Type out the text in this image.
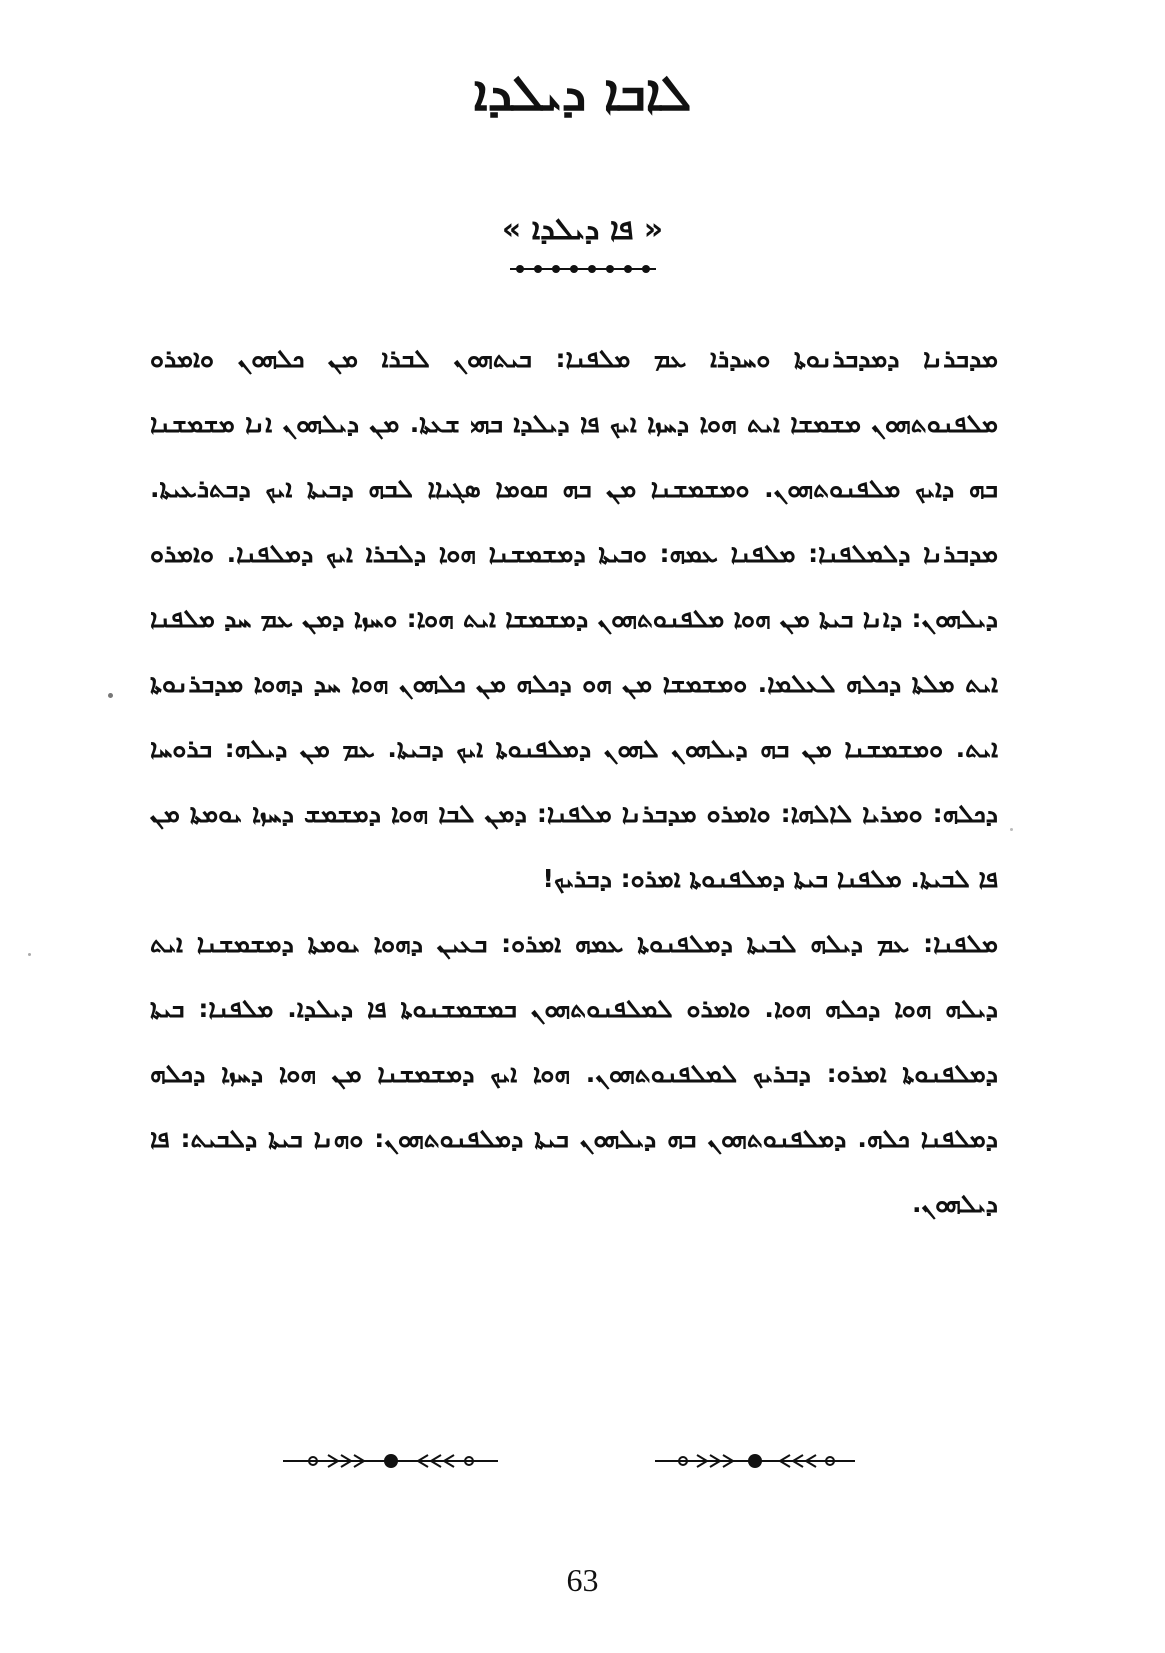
ܠܐܒܐ ܕܝܠܕܐ
« ܦܐ ܕܝܠܕܐ »

ܡܕܒܪܢܐ ܕܡܕܒܪܢܘܬܐ ܘܚܕܪܐ ܥܡ ܡܠܦܢܐ: ܒܝܬܗܘܢ ܠܒܪܐ ܡܢ ܟܠܗܘܢ ܘܐܡܪܘ ܡܠܦܢܘܬܗܘܢ ܡܫܡܫܐ ܐܝܬ ܗܘܐ ܕܚܙܐ ܐܝܟ ܦܐ ܕܝܠܕܐ ܒܗܝ ܫܥܬܐ. ܡܢ ܕܝܠܗܘܢ ܐܢܐ ܡܫܡܫܢܐ ܒܗ ܕܐܝܟ ܡܠܦܢܘܬܗܘܢ. ܘܡܫܡܫܢܐ ܡܢ ܒܗ ܩܘܡܐ ܣܓܝܐܐ ܠܒܗ ܕܒܝܬܐ ܐܝܟ ܕܒܬܪܥܝܬܐ. ܡܕܒܪܢܐ ܕܠܡܠܦܢܐ: ܡܠܦܢܐ ܥܡܗ: ܘܒܝܬܐ ܕܡܫܡܫܢܐ ܗܘܐ ܕܠܒܪܐ ܐܝܟ ܕܡܠܦܢܐ. ܘܐܡܪܘ ܕܝܠܗܘܢ: ܕܐܢܐ ܒܝܬܐ ܡܢ ܗܘܐ ܡܠܦܢܘܬܗܘܢ ܕܡܫܡܫܐ ܐܝܬ ܗܘܐ: ܘܚܙܐ ܕܡܢ ܥܡ ܚܕ ܡܠܦܢܐ ܐܝܬ ܡܠܬܐ ܕܟܠܗ ܠܥܠܡܐ. ܘܡܫܡܫܐ ܡܢ ܗܘ ܕܟܠܗ ܡܢ ܟܠܗܘܢ ܗܘܐ ܚܕ ܕܗܘܐ ܡܕܒܪܢܘܬܐ ܐܝܬ. ܘܡܫܡܫܢܐ ܡܢ ܒܗ ܕܝܠܗܘܢ ܠܗܘܢ ܕܡܠܦܢܘܬܐ ܐܝܟ ܕܒܝܬܐ. ܥܡ ܡܢ ܕܝܠܗ: ܒܪܘܚܐ ܕܟܠܗ: ܘܡܪܝܐ ܠܐܠܗܐ: ܘܐܡܪܘ ܡܕܒܪܢܐ ܡܠܦܢܐ: ܕܡܢ ܠܒܐ ܗܘܐ ܕܡܫܡܫ ܕܚܙܐ ܝܘܡܬܐ ܡܢ ܦܐ ܠܒܝܬܐ. ܡܠܦܢܐ ܒܝܬܐ ܕܡܠܦܢܘܬܐ ܐܡܪܘ: ܕܒܪܝܟ!

ܡܠܦܢܐ: ܥܡ ܕܝܠܗ ܠܒܝܬܐ ܕܡܠܦܢܘܬܐ ܥܡܗ ܐܡܪܘ: ܒܥܝܢ ܕܗܘܐ ܝܘܡܬܐ ܕܡܫܡܫܢܐ ܐܝܬ ܕܝܠܗ ܗܘܐ ܕܟܠܗ ܗܘܐ. ܘܐܡܪܘ ܠܡܠܦܢܘܬܗܘܢ ܒܡܫܡܫܢܘܬܐ ܦܐ ܕܝܠܕܐ. ܡܠܦܢܐ: ܒܝܬܐ ܕܡܠܦܢܘܬܐ ܐܡܪܘ: ܕܒܪܝܟ ܠܡܠܦܢܘܬܗܘܢ. ܗܘܐ ܐܝܟ ܕܡܫܡܫܢܐ ܡܢ ܗܘܐ ܕܚܙܐ ܕܟܠܗ ܕܡܠܦܢܐ ܟܠܗ. ܕܡܠܦܢܘܬܗܘܢ ܒܗ ܕܝܠܗܘܢ ܒܝܬܐ ܕܡܠܦܢܘܬܗܘܢ: ܘܗܢܐ ܒܝܬܐ ܕܠܒܝܬ: ܦܐ ܕܝܠܗܘܢ.

63
